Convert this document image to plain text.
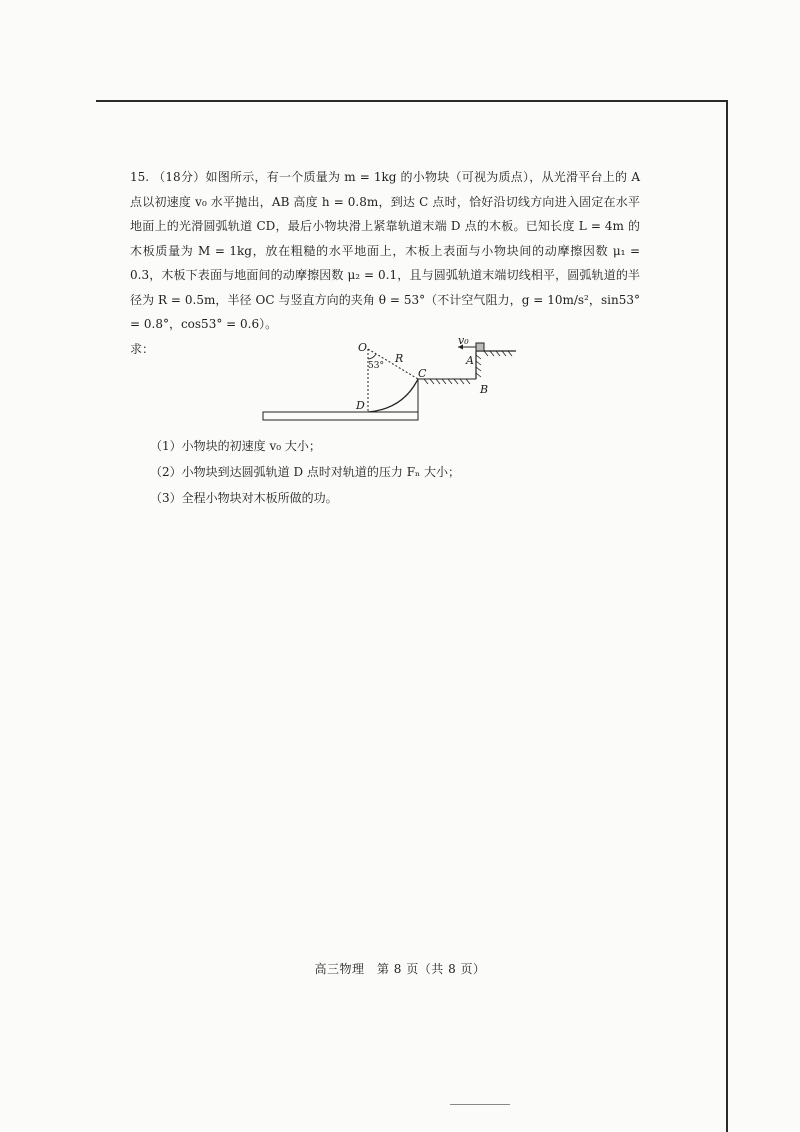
15. （18分）如图所示，有一个质量为 m = 1kg 的小物块（可视为质点），从光滑平台上的 A 点以初速度 v₀ 水平抛出，AB 高度 h = 0.8m，到达 C 点时，恰好沿切线方向进入固定在水平地面上的光滑圆弧轨道 CD，最后小物块滑上紧靠轨道末端 D 点的木板。已知长度 L = 4m 的木板质量为 M = 1kg，放在粗糙的水平地面上，木板上表面与小物块间的动摩擦因数 μ₁ = 0.3，木板下表面与地面间的动摩擦因数 μ₂ = 0.1，且与圆弧轨道末端切线相平，圆弧轨道的半径为 R = 0.5m，半径 OC 与竖直方向的夹角 θ = 53°（不计空气阻力，g = 10m/s²，sin53° = 0.8°，cos53° = 0.6）。

求：	O
53°
R
C
D
A
B
v₀
（1）小物块的初速度 v₀ 大小；
（2）小物块到达圆弧轨道 D 点时对轨道的压力 Fₙ 大小；
（3）全程小物块对木板所做的功。
高三物理　第 8 页（共 8 页）
